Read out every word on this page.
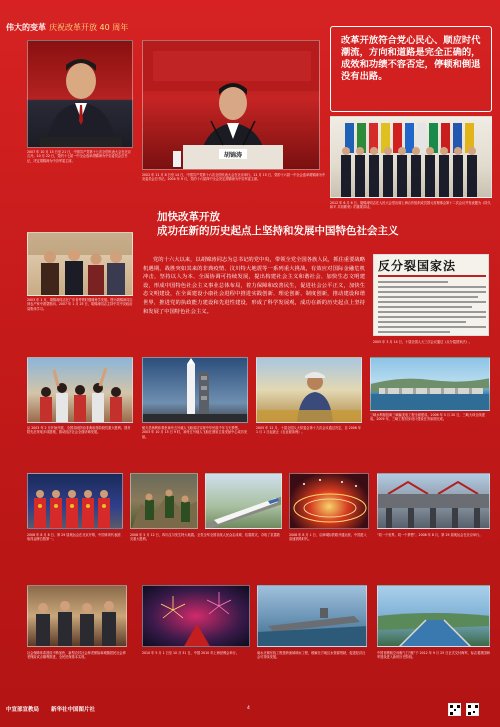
伟大的变革 庆祝改革开放 40 周年
2007 年 10 月 15 日至 21 日，中国共产党第十七次全国代表大会在北京召开。10 月 22 日，党的十七届一中全会选举胡锦涛为中央委员会总书记，决定胡锦涛为中央军委主席。
胡锦涛
2002 年 11 月 8 日至 14 日，中国共产党第十六次全国代表大会在北京举行。11 月 15 日，党的十六届一中全会选举胡锦涛为中央委员会总书记。2004 年 9 月，党的十六届四中全会决定胡锦涛为中央军委主席。
改革开放符合党心民心、顺应时代潮流，方向和道路是完全正确的，成效和功绩不容否定，停顿和倒退没有出路。
2012 年 6 月 6 日，胡锦涛同志在人民大会堂出席上海合作组织成员国元首理事会第十二次会议并发表题为《持久和平 共同繁荣》的重要讲话。
加快改革开放
成功在新的历史起点上坚持和发展中国特色社会主义
2003 年 1 月，胡锦涛同志在广东省考察时强调科学发展。图为胡锦涛同志到农户家中看望慰问。2007 年 1 月 25 日，胡锦涛同志主持中共中央政治局集体学习。
党的十六大以来，以胡锦涛同志为总书记的党中央，带领全党全国各族人民，抓住重要战略机遇期，战胜突如其来的非典疫情、汶川特大地震等一系列重大挑战，有效应对国际金融危机冲击，坚持以人为本、全面协调可持续发展，提出构建社会主义和谐社会、加快生态文明建设，形成中国特色社会主义事业总体布局，着力保障和改善民生，促进社会公平正义，加快生态文明建设，在全面建设小康社会进程中推进实践创新、理论创新、制度创新，推动建设和谐世界，推进党的执政能力建设和先进性建设，形成了科学发展观，成功在新的历史起点上坚持和发展了中国特色社会主义。
反分裂国家法
2005 年 3 月 14 日，十届全国人大三次会议通过《反分裂国家法》。
从 2003 年 2 月开始开展，全国各地防治非典取得阶段性重大胜利。国务院先后采取多项措施，推动经济社会全面协调发展。
航天员杨利伟乘坐神舟五号载人飞船成功实现中华民族千年飞天梦想。2003 年 10 月 15 日 9 时，神舟五号载人飞船在酒泉卫星发射中心成功发射。
2005 年 12 月，十届全国人大常委会第十九次会议通过决定，自 2006 年 1 月 1 日起废止《农业税条例》。
三峡水利枢纽和三峡输变电工程全面建成。2006 年 5 月 20 日，三峡大坝全线建成。2009 年，三峡工程初步设计建设任务如期完成。
2008 年 8 月 8 日，第 29 届奥运会在北京开幕，中国体育代表团取得金牌总数第一。
2008 年 5 月 12 日，四川汶川发生特大地震。全党全军全国各族人民众志成城、抗震救灾，夺取了抗震救灾重大胜利。
2008 年 8 月 1 日，京津城际铁路开通运营，中国进入高速铁路时代。
“同一个世界，同一个梦想”。2008 年 8 月，第 29 届奥运会在北京举行。
社会保障体系建设不断加快，新型农村社会养老保险和城镇居民社会养老保险试点顺利推进，全民医保基本实现。
2010 年 5 月 1 日至 10 月 31 日，中国 2010 年上海世博会举行。	南水北调东线工程是跨流域调水工程，缓解北方地区水资源短缺，促进经济社会可持续发展。
中国首艘航空母舰“辽宁舰”于 2012 年 9 月 25 日正式交付海军，标志着我国海军建设进入新的历史阶段。
中宣部宣教局 新华社中国图片社	4
